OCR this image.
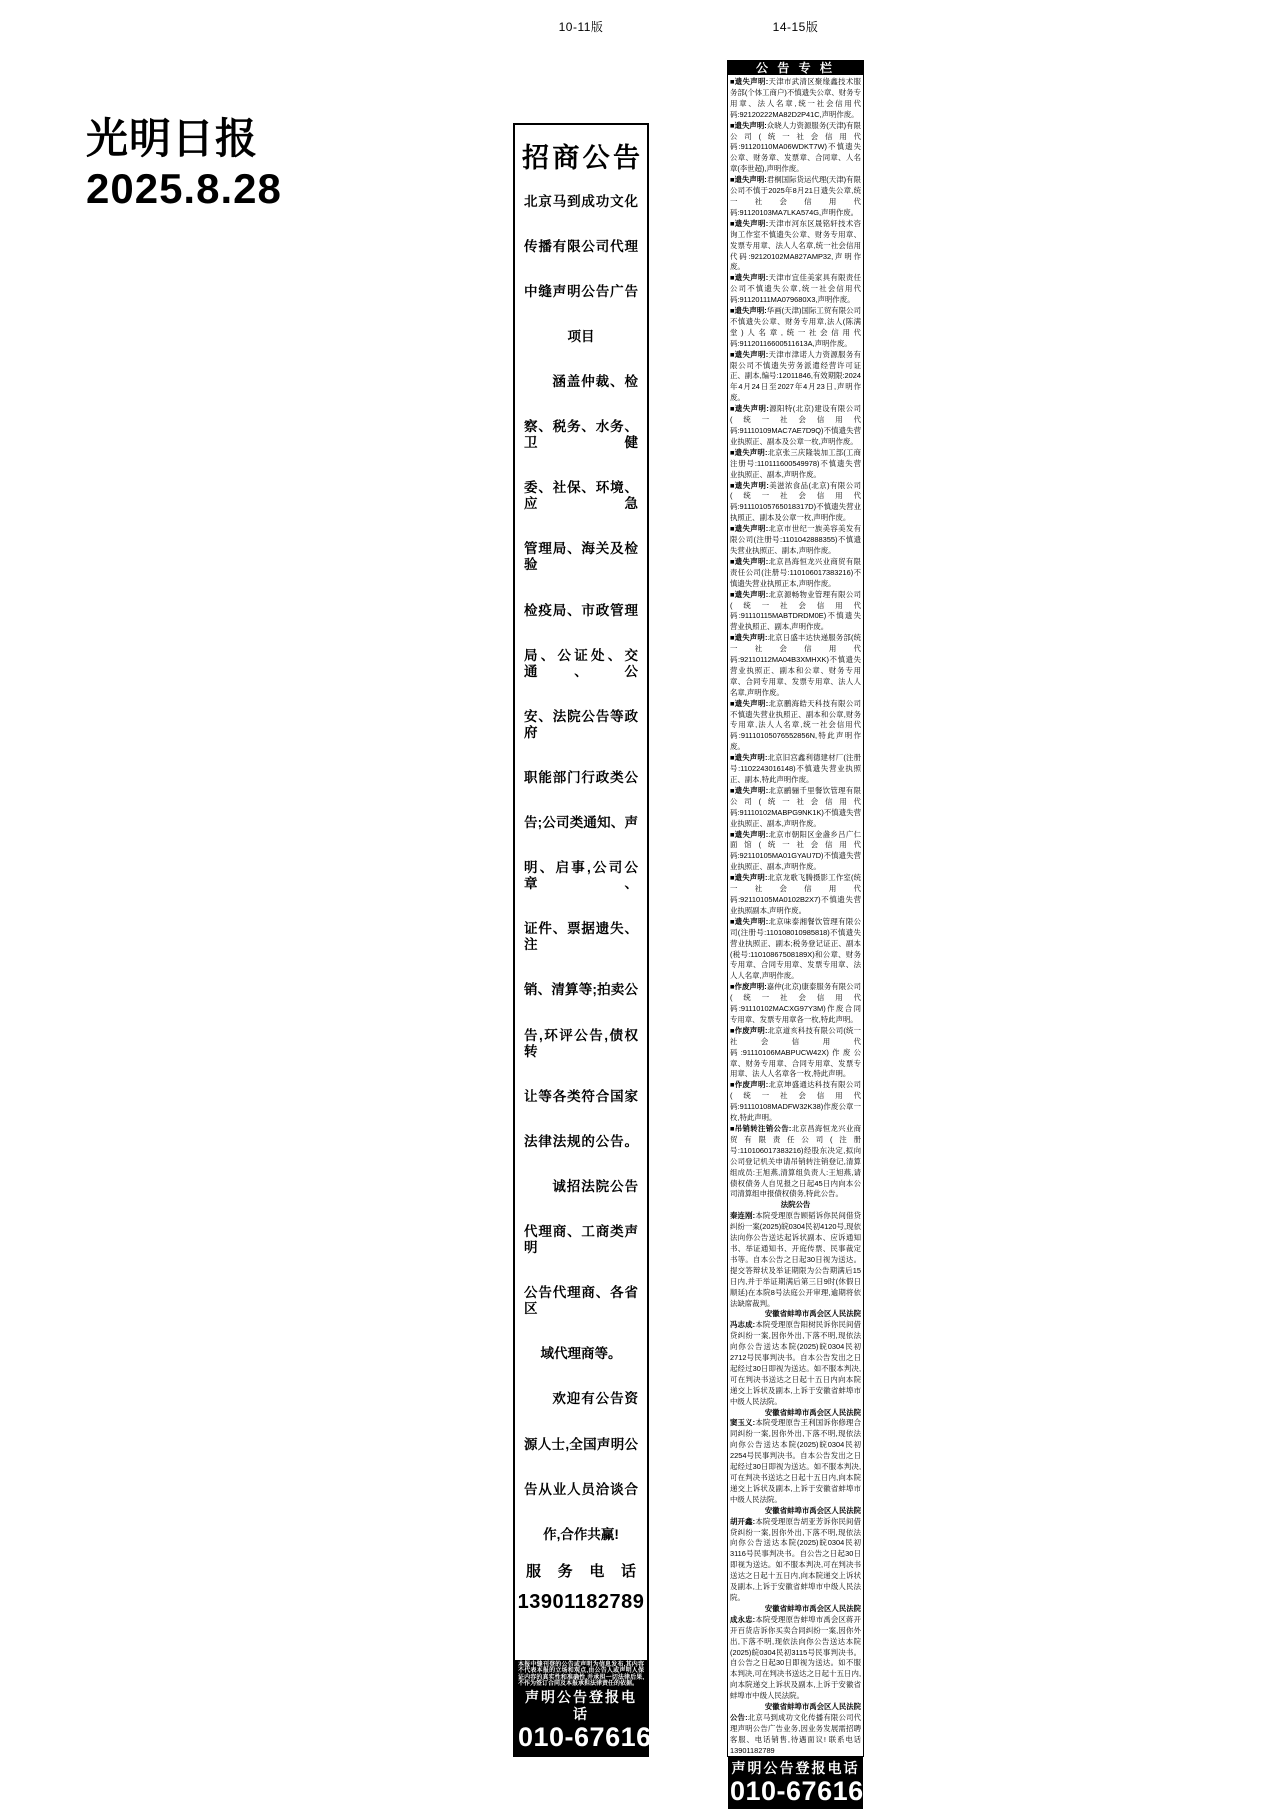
10-11版	14-15版
光明日报
2025.8.28
招商公告
北京马到成功文化
传播有限公司代理
中缝声明公告广告
项目
涵盖仲裁、检
察、税务、水务、卫健
委、社保、环境、应急
管理局、海关及检验
检疫局、市政管理
局、公证处、交通、公
安、法院公告等政府
职能部门行政类公
告;公司类通知、声
明、启事,公司公章、
证件、票据遗失、注
销、清算等;拍卖公
告,环评公告,债权转
让等各类符合国家
法律法规的公告。
诚招法院公告
代理商、工商类声明
公告代理商、各省区
域代理商等。
欢迎有公告资
源人士,全国声明公
告从业人员洽谈合
作,合作共赢!
服 务 电 话
13901182789
本报中缝刊登的公告或声明为信息发布,其内容不代表本报的立场和观点,由公告人或声明人保证内容的真实性和准确性,并承担一切法律后果,不作为签订合同及本报承担法律责任的依据。
声明公告登报电话
010-67616666
公 告 专 栏

■遗失声明:天津市武清区聚缘鑫技术服务部(个体工商户)不慎遗失公章、财务专用章、法人名章,统一社会信用代码:92120222MA82D2P41C,声明作废。

■遗失声明:众晓人力资源服务(天津)有限公司(统一社会信用代码:91120110MA06WDKT7W)不慎遗失公章、财务章、发票章、合同章、人名章(李世超),声明作废。

■遗失声明:君桐国际货运代理(天津)有限公司不慎于2025年8月21日遗失公章,统一社会信用代码:91120103MA7LKA574G,声明作废。

■遗失声明:天津市河东区晟铭轩技术咨询工作室不慎遗失公章、财务专用章、发票专用章、法人人名章,统一社会信用代码:92120102MA827AMP32,声明作废。

■遗失声明:天津市宜佳美家具有限责任公司不慎遗失公章,统一社会信用代码:91120111MA079680X3,声明作废。

■遗失声明:华画(天津)国际工贸有限公司不慎遗失公章、财务专用章,法人(陈满堂)人名章,统一社会信用代码:91120116600511613A,声明作废。

■遗失声明:天津市津诺人力资源服务有限公司不慎遗失劳务派遣经营许可证正、副本,编号:12011846,有效期限:2024年4月24日至2027年4月23日,声明作废。

■遗失声明:源阳特(北京)建设有限公司(统一社会信用代码:91110109MAC7AE7D9Q)不慎遗失营业执照正、副本及公章一枚,声明作废。

■遗失声明:北京张三庆隆装加工部(工商注册号:110111600549978)不慎遗失营业执照正、副本,声明作废。

■遗失声明:美滋浓食品(北京)有限公司(统一社会信用代码:91110105765018317D)不慎遗失营业执照正、副本及公章一枚,声明作废。

■遗失声明:北京市世纪一族美容美发有限公司(注册号:1101042888355)不慎遗失营业执照正、副本,声明作废。

■遗失声明:北京昌海恒龙兴业商贸有限责任公司(注册号:110106017383216)不慎遗失营业执照正本,声明作废。

■遗失声明:北京源畅物业管理有限公司(统一社会信用代码:91110115MABTDRDM0E)不慎遗失营业执照正、副本,声明作废。

■遗失声明:北京日盛丰达快递服务部(统一社会信用代码:92110112MA04B3XMHXK)不慎遗失营业执照正、副本和公章、财务专用章、合同专用章、发票专用章、法人人名章,声明作废。

■遗失声明:北京鹏海皓天科技有限公司不慎遗失营业执照正、副本和公章,财务专用章,法人人名章,统一社会信用代码:91110105076552856N,特此声明作废。

■遗失声明:北京旧宫鑫利德建材厂(注册号:1102243016148)不慎遗失营业执照正、副本,特此声明作废。

■遗失声明:北京鹂骊千里餐饮管理有限公司(统一社会信用代码:91110102MABPG9NK1K)不慎遗失营业执照正、副本,声明作废。

■遗失声明:北京市朝阳区金盏乡吕广仁面馆(统一社会信用代码:92110105MA01GYAU7D)不慎遗失营业执照正、副本,声明作废。

■遗失声明:北京龙歌飞腾摄影工作室(统一社会信用代码:92110105MA0102B2X7)不慎遗失营业执照副本,声明作废。

■遗失声明:北京味泰湘餐饮管理有限公司(注册号:110108010985818)不慎遗失营业执照正、副本;税务登记证正、副本(税号:11010867508189X)和公章、财务专用章、合同专用章、发票专用章、法人人名章,声明作废。

■作废声明:嘉仲(北京)康泰服务有限公司(统一社会信用代码:91110102MACXG97Y3M)作废合同专用章、发票专用章各一枚,特此声明。

■作废声明:北京道亥科技有限公司(统一社会信用代码:91110106MABPUCW42X)作废公章、财务专用章、合同专用章、发票专用章、法人人名章各一枚,特此声明。

■作废声明:北京坤盛通达科技有限公司(统一社会信用代码:91110108MADFW32K38)作废公章一枚,特此声明。

■吊销转注销公告:北京昌海恒龙兴业商贸有限责任公司(注册号:110106017383216)经股东决定,拟向公司登记机关申请吊销转注销登记,清算组成员:王旭燕,清算组负责人:王旭燕,请债权债务人自见报之日起45日内向本公司清算组申报债权债务,特此公告。

法院公告

秦连刚:本院受理原告顾韬诉你民间借贷纠纷一案(2025)皖0304民初4120号,现依法向你公告送达起诉状副本、应诉通知书、举证通知书、开庭传票、民事裁定书等。自本公告之日起30日视为送达。提交答辩状及举证期限为公告期满后15日内,并于举证期满后第三日9时(休假日顺延)在本院8号法庭公开审理,逾期将依法缺席裁判。
安徽省蚌埠市禹会区人民法院

冯志成:本院受理原告阳树民诉你民间借贷纠纷一案,因你外出,下落不明,现依法向你公告送达本院(2025)皖0304民初2712号民事判决书。自本公告发出之日起经过30日即视为送达。如不服本判决,可在判决书送达之日起十五日内向本院递交上诉状及副本,上诉于安徽省蚌埠市中级人民法院。
安徽省蚌埠市禹会区人民法院

窦玉义:本院受理原告王利国诉你修理合同纠纷一案,因你外出,下落不明,现依法向你公告送达本院(2025)皖0304民初2254号民事判决书。自本公告发出之日起经过30日即视为送达。如不服本判决,可在判决书送达之日起十五日内,向本院递交上诉状及副本,上诉于安徽省蚌埠市中级人民法院。
安徽省蚌埠市禹会区人民法院

胡开鑫:本院受理原告胡亚芳诉你民间借贷纠纷一案,因你外出,下落不明,现依法向你公告送达本院(2025)皖0304民初3116号民事判决书。自公告之日起30日即视为送达。如不服本判决,可在判决书送达之日起十五日内,向本院递交上诉状及副本,上诉于安徽省蚌埠市中级人民法院。
安徽省蚌埠市禹会区人民法院

成永忠:本院受理原告蚌埠市禹会区蒋开开百货店诉你买卖合同纠纷一案,因你外出,下落不明,现依法向你公告送达本院(2025)皖0304民初3115号民事判决书。自公告之日起30日即视为送达。如不服本判决,可在判决书送达之日起十五日内,向本院递交上诉状及副本,上诉于安徽省蚌埠市中级人民法院。
安徽省蚌埠市禹会区人民法院

公告:北京马到成功文化传播有限公司代理声明公告广告业务,因业务发展需招聘客服、电话销售,待遇面议! 联系电话 13901182789

声明公告登报电话
010-67616666
